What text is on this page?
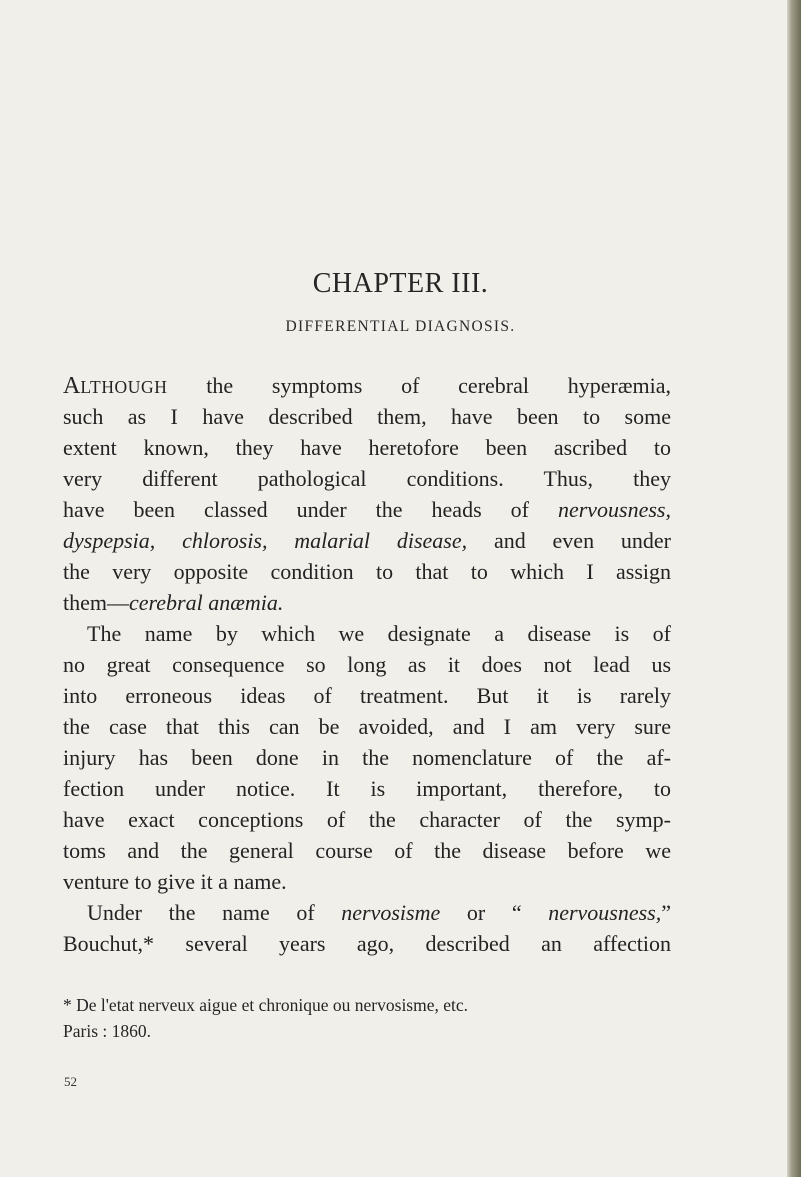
CHAPTER III.
DIFFERENTIAL DIAGNOSIS.
ALTHOUGH the symptoms of cerebral hyperæmia,
such as I have described them, have been to some
extent known, they have heretofore been ascribed to
very different pathological conditions. Thus, they
have been classed under the heads of nervousness,
dyspepsia, chlorosis, malarial disease, and even under
the very opposite condition to that to which I assign
them—cerebral anæmia.
The name by which we designate a disease is of
no great consequence so long as it does not lead us
into erroneous ideas of treatment. But it is rarely
the case that this can be avoided, and I am very sure
injury has been done in the nomenclature of the af-
fection under notice. It is important, therefore, to
have exact conceptions of the character of the symp-
toms and the general course of the disease before we
venture to give it a name.
Under the name of nervosisme or “ nervousness,”
Bouchut,* several years ago, described an affection
* De l'etat nerveux aigue et chronique ou nervosisme, etc.
Paris : 1860.
52
